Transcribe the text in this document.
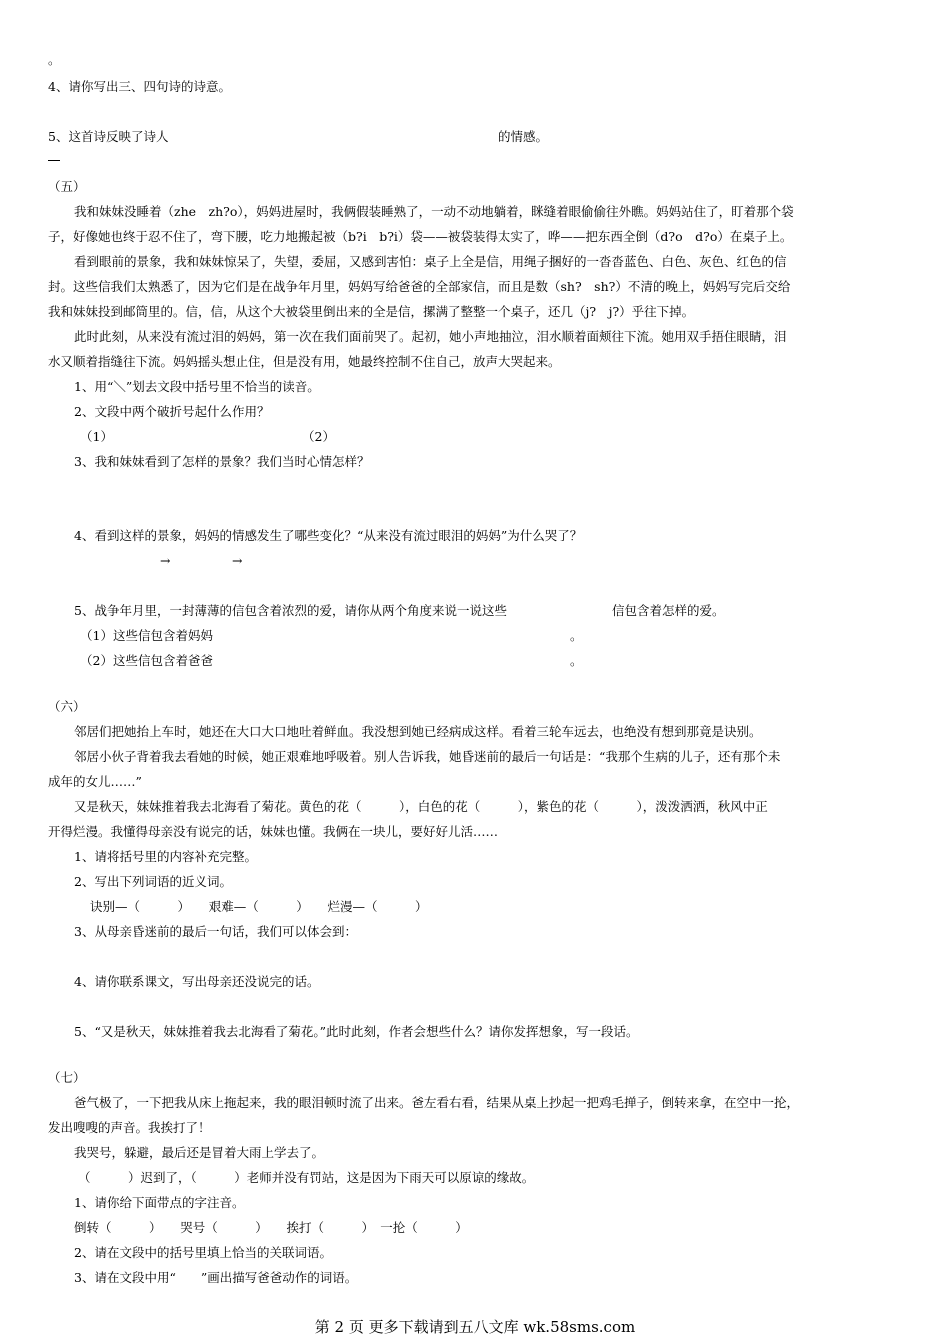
。
4、请你写出三、四句诗的诗意。
5、这首诗反映了诗人	的情感。
（五）
我和妹妹没睡着（zhe　zh?o），妈妈进屋时，我俩假装睡熟了，一动不动地躺着，眯缝着眼偷偷往外瞧。妈妈站住了，盯着那个袋
子，好像她也终于忍不住了，弯下腰，吃力地搬起被（b?i　b?i）袋——被袋装得太实了，哗——把东西全倒（d?o　d?o）在桌子上。
看到眼前的景象，我和妹妹惊呆了，失望，委屈，又感到害怕：桌子上全是信，用绳子捆好的一沓沓蓝色、白色、灰色、红色的信
封。这些信我们太熟悉了，因为它们是在战争年月里，妈妈写给爸爸的全部家信，而且是数（sh?　sh?）不清的晚上，妈妈写完后交给
我和妹妹投到邮筒里的。信，信，从这个大被袋里倒出来的全是信，摞满了整整一个桌子，还几（j?　j?）乎往下掉。
此时此刻，从来没有流过泪的妈妈，第一次在我们面前哭了。起初，她小声地抽泣，泪水顺着面颊往下流。她用双手捂住眼睛，泪
水又顺着指缝往下流。妈妈摇头想止住，但是没有用，她最终控制不住自己，放声大哭起来。
1、用“＼”划去文段中括号里不恰当的读音。
2、文段中两个破折号起什么作用？
（1）	（2）
3、我和妹妹看到了怎样的景象？我们当时心情怎样？
4、看到这样的景象，妈妈的情感发生了哪些变化？“从来没有流过眼泪的妈妈”为什么哭了？
→	→
5、战争年月里，一封薄薄的信包含着浓烈的爱，请你从两个角度来说一说这些	信包含着怎样的爱。
（1）这些信包含着妈妈	。
（2）这些信包含着爸爸	。
（六）
邻居们把她抬上车时，她还在大口大口地吐着鲜血。我没想到她已经病成这样。看着三轮车远去，也绝没有想到那竟是诀别。
邻居小伙子背着我去看她的时候，她正艰难地呼吸着。别人告诉我，她昏迷前的最后一句话是：“我那个生病的儿子，还有那个未
成年的女儿……”
又是秋天，妹妹推着我去北海看了菊花。黄色的花（　　　），白色的花（　　　），紫色的花（　　　），泼泼洒洒，秋风中正
开得烂漫。我懂得母亲没有说完的话，妹妹也懂。我俩在一块儿，要好好儿活……
1、请将括号里的内容补充完整。
2、写出下列词语的近义词。
诀别—（　　　）　　艰难—（　　　）　　烂漫—（　　　）
3、从母亲昏迷前的最后一句话，我们可以体会到：
4、请你联系课文，写出母亲还没说完的话。
5、“又是秋天，妹妹推着我去北海看了菊花。”此时此刻，作者会想些什么？请你发挥想象，写一段话。
（七）
爸气极了，一下把我从床上拖起来，我的眼泪顿时流了出来。爸左看右看，结果从桌上抄起一把鸡毛掸子，倒转来拿，在空中一抡，
发出嗖嗖的声音。我挨打了！
我哭号，躲避，最后还是冒着大雨上学去了。
（　　　）迟到了，（　　　）老师并没有罚站，这是因为下雨天可以原谅的缘故。
1、请你给下面带点的字注音。
倒转（　　　）　　哭号（　　　）　　挨打（　　　）　一抡（　　　）
2、请在文段中的括号里填上恰当的关联词语。
3、请在文段中用“　　”画出描写爸爸动作的词语。
第 2 页 更多下载请到五八文库 wk.58sms.com
